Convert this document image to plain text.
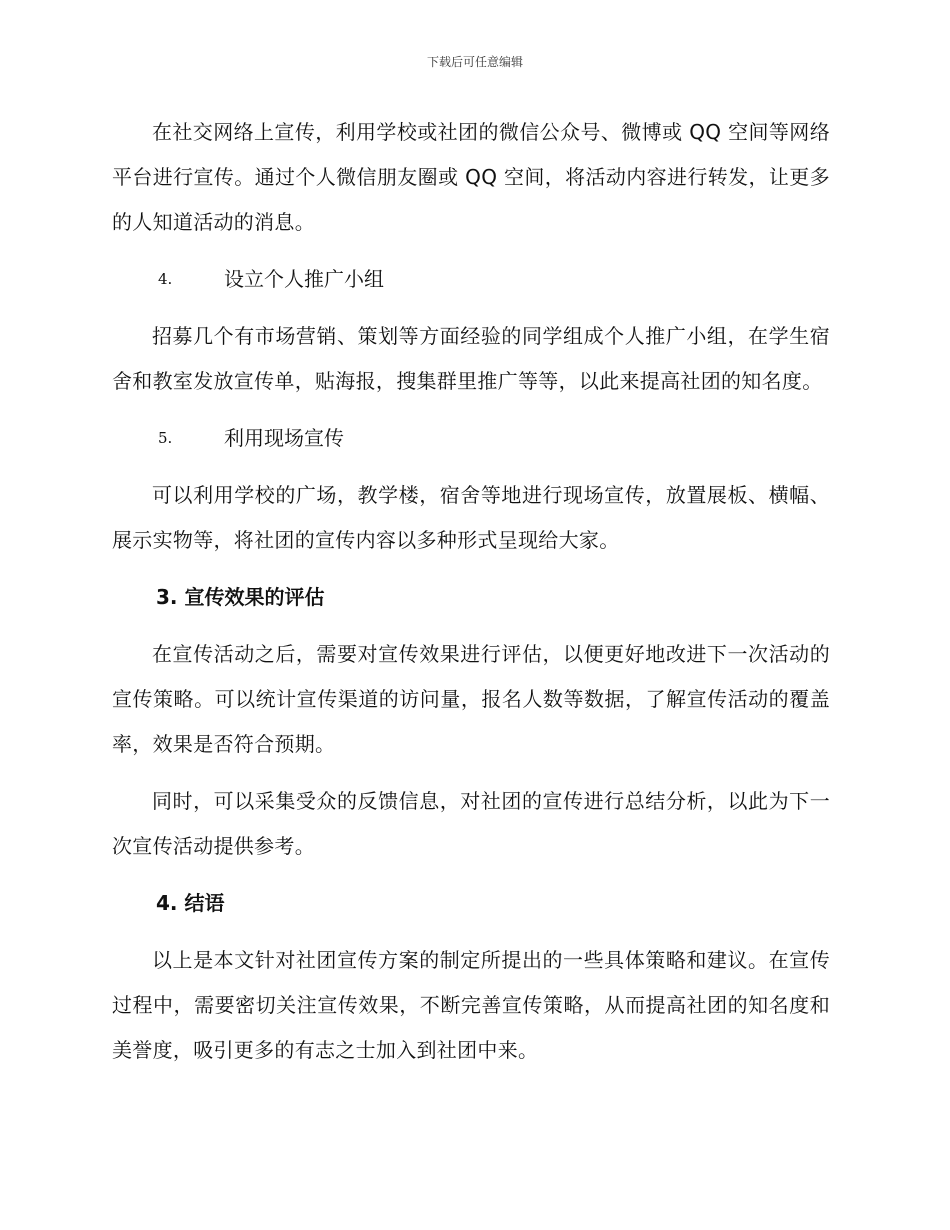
下载后可任意编辑

在社交网络上宣传，利用学校或社团的微信公众号、微博或 QQ 空间等网络平台进行宣传。通过个人微信朋友圈或 QQ 空间，将活动内容进行转发，让更多的人知道活动的消息。

4.	设立个人推广小组

招募几个有市场营销、策划等方面经验的同学组成个人推广小组，在学生宿舍和教室发放宣传单，贴海报，搜集群里推广等等，以此来提高社团的知名度。

5.	利用现场宣传

可以利用学校的广场，教学楼，宿舍等地进行现场宣传，放置展板、横幅、展示实物等，将社团的宣传内容以多种形式呈现给大家。

3. 宣传效果的评估

在宣传活动之后，需要对宣传效果进行评估，以便更好地改进下一次活动的宣传策略。可以统计宣传渠道的访问量，报名人数等数据，了解宣传活动的覆盖率，效果是否符合预期。

同时，可以采集受众的反馈信息，对社团的宣传进行总结分析，以此为下一次宣传活动提供参考。

4. 结语

以上是本文针对社团宣传方案的制定所提出的一些具体策略和建议。在宣传过程中，需要密切关注宣传效果，不断完善宣传策略，从而提高社团的知名度和美誉度，吸引更多的有志之士加入到社团中来。
